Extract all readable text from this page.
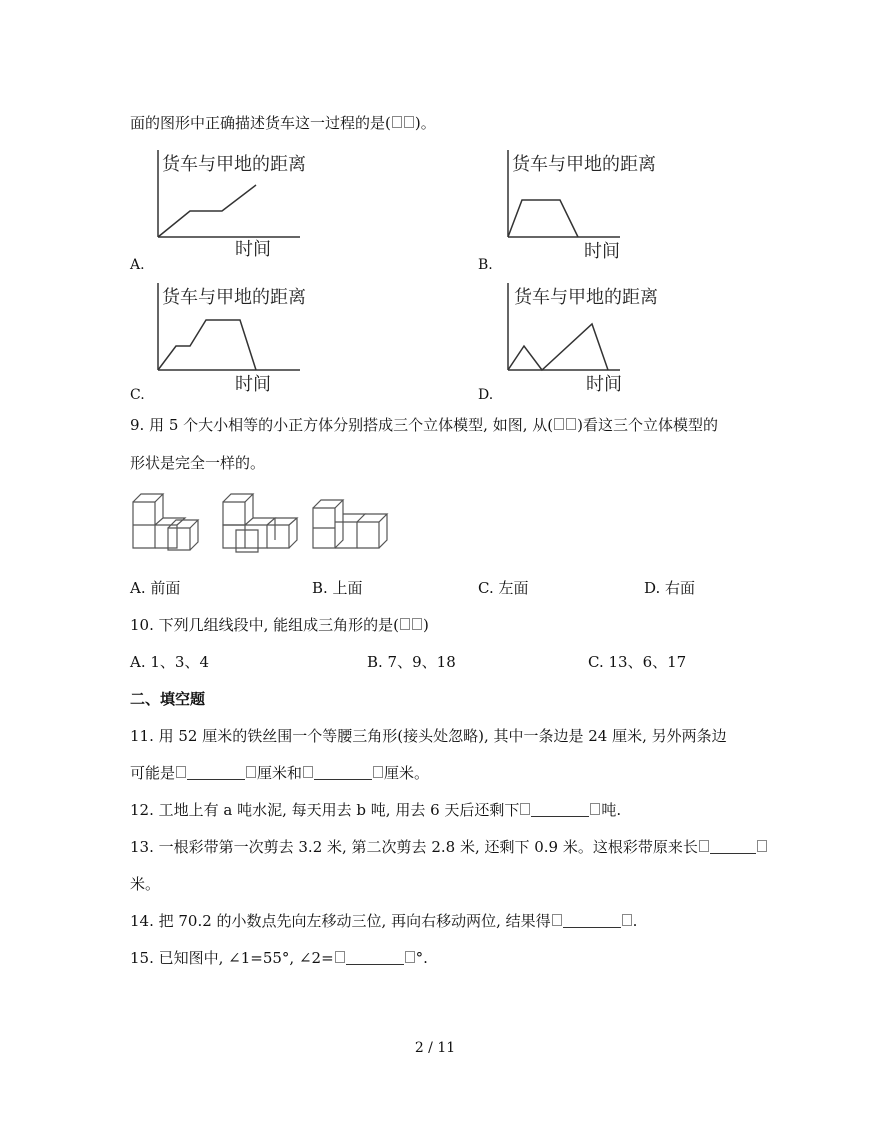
面的图形中正确描述货车这一过程的是( )。
货车与甲地的距离
时间
A.
货车与甲地的距离
时间
B.
货车与甲地的距离
时间
C.
货车与甲地的距离
时间
D.
9. 用 5 个大小相等的小正方体分别搭成三个立体模型, 如图, 从( )看这三个立体模型的
形状是完全一样的。
A. 前面	B. 上面	C. 左面	D. 右面
10. 下列几组线段中, 能组成三角形的是( )
A. 1、3、4	B. 7、9、18	C. 13、6、17
二、填空题
11. 用 52 厘米的铁丝围一个等腰三角形(接头处忽略), 其中一条边是 24 厘米, 另外两条边
可能是	厘米和	厘米。
12. 工地上有 a 吨水泥, 每天用去 b 吨, 用去 6 天后还剩下	吨.
13. 一根彩带第一次剪去 3.2 米, 第二次剪去 2.8 米, 还剩下 0.9 米。这根彩带原来长
米。
14. 把 70.2 的小数点先向左移动三位, 再向右移动两位, 结果得	.
15. 已知图中, ∠1=55°, ∠2=	°.
2 / 11
